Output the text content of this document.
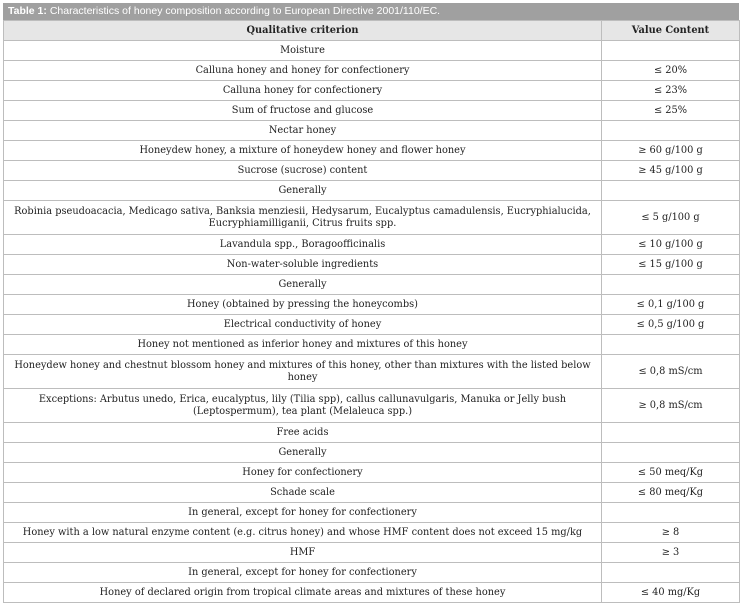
Table 1: Characteristics of honey composition according to European Directive 2001/110/EC.
Qualitative criterion	Value Content
Moisture	
Calluna honey and honey for confectionery	≤ 20%
Calluna honey for confectionery	≤ 23%
Sum of fructose and glucose	≤ 25%
Nectar honey	
Honeydew honey, a mixture of honeydew honey and flower honey	≥ 60 g/100 g
Sucrose (sucrose) content	≥ 45 g/100 g
Generally	
Robinia pseudoacacia, Medicago sativa, Banksia menziesii, Hedysarum, Eucalyptus camadulensis, Eucryphialucida, Eucryphiamilliganii, Citrus fruits spp.	≤ 5 g/100 g
Lavandula spp., Boragoofficinalis	≤ 10 g/100 g
Non-water-soluble ingredients	≤ 15 g/100 g
Generally	
Honey (obtained by pressing the honeycombs)	≤ 0,1 g/100 g
Electrical conductivity of honey	≤ 0,5 g/100 g
Honey not mentioned as inferior honey and mixtures of this honey	
Honeydew honey and chestnut blossom honey and mixtures of this honey, other than mixtures with the listed below honey	≤ 0,8 mS/cm
Exceptions: Arbutus unedo, Erica, eucalyptus, lily (Tilia spp), callus callunavulgaris, Manuka or Jelly bush (Leptospermum), tea plant (Melaleuca spp.)	≥ 0,8 mS/cm
Free acids	
Generally	
Honey for confectionery	≤ 50 meq/Kg
Schade scale	≤ 80 meq/Kg
In general, except for honey for confectionery	
Honey with a low natural enzyme content (e.g. citrus honey) and whose HMF content does not exceed 15 mg/kg	≥ 8
HMF	≥ 3
In general, except for honey for confectionery	
Honey of declared origin from tropical climate areas and mixtures of these honey	≤ 40 mg/Kg
